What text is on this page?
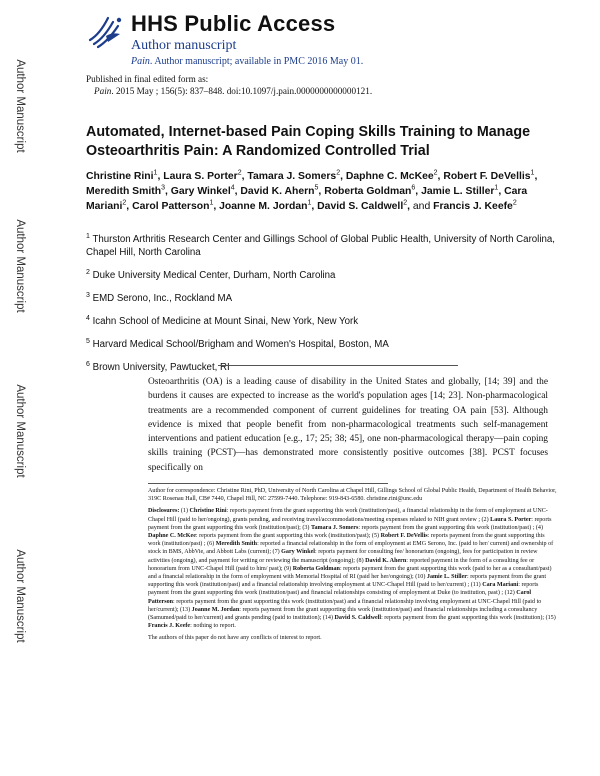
Author Manuscript
Author Manuscript
Author Manuscript
Author Manuscript
HHS Public Access
Author manuscript
Pain. Author manuscript; available in PMC 2016 May 01.
Published in final edited form as:
Pain. 2015 May ; 156(5): 837–848. doi:10.1097/j.pain.0000000000000121.
Automated, Internet-based Pain Coping Skills Training to Manage Osteoarthritis Pain: A Randomized Controlled Trial
Christine Rini$^1$, Laura S. Porter$^2$, Tamara J. Somers$^2$, Daphne C. McKee$^2$, Robert F. DeVellis$^1$, Meredith Smith$^3$, Gary Winkel$^4$, David K. Ahern$^5$, Roberta Goldman$^6$, Jamie L. Stiller$^1$, Cara Mariani$^2$, Carol Patterson$^1$, Joanne M. Jordan$^1$, David S. Caldwell$^2$, and Francis J. Keefe$^2$

$^1$ Thurston Arthritis Research Center and Gillings School of Global Public Health, University of North Carolina, Chapel Hill, North Carolina

$^2$ Duke University Medical Center, Durham, North Carolina

$^3$ EMD Serono, Inc., Rockland MA

$^4$ Icahn School of Medicine at Mount Sinai, New York, New York

$^5$ Harvard Medical School/Brigham and Women's Hospital, Boston, MA

$^6$ Brown University, Pawtucket, RI

Osteoarthritis (OA) is a leading cause of disability in the United States and globally, [14; 39] and the burdens it causes are expected to increase as the world's population ages [14; 23]. Non-pharmacological treatments are a recommended component of current guidelines for treating OA pain [53]. Although evidence is mixed that people benefit from non-pharmacological treatments such self-management interventions and patient education [e.g., 17; 25; 38; 45], one non-pharmacological therapy—pain coping skills training (PCST)—has demonstrated more consistently positive outcomes [38]. PCST focuses specifically on

Author for correspondence: Christine Rini, PhD, University of North Carolina at Chapel Hill, Gillings School of Global Public Health, Department of Health Behavior, 319C Rosenau Hall, CB# 7440, Chapel Hill, NC 27599-7440. Telephone: 919-843-6580. christine.rini@unc.edu

Disclosures: (1) Christine Rini: reports payment from the grant supporting this work (institution/past), a financial relationship in the form of employment at UNC-Chapel Hill (paid to her/ongoing), grants pending, and receiving travel/accommodations/meeting expenses related to NIH grant review ; (2) Laura S. Porter: reports payment from the grant supporting this work (institution/past); (3) Tamara J. Somers: reports payment from the grant supporting this work (institution/past) ; (4) Daphne C. McKee: reports payment from the grant supporting this work (institution/past); (5) Robert F. DeVellis: reports payment from the grant supporting this work (institution/past) ; (6) Meredith Smith: reported a financial relationship in the form of employment at EMG Serono, Inc. (paid to her/ current) and ownership of stock in BMS, AbbVie, and Abbott Labs (current); (7) Gary Winkel: reports payment for consulting fee/ honorarium (ongoing), fees for participation in review activities (ongoing), and payment for writing or reviewing the manuscript (ongoing); (8) David K. Ahern: reported payment in the form of a consulting fee or honorarium from UNC-Chapel Hill (paid to him/ past); (9) Roberta Goldman: reports payment from the grant supporting this work (paid to her as a consultant/past) and a financial relationship in the form of employment with Memorial Hospital of RI (paid her her/ongoing); (10) Jamie L. Stiller: reports payment from the grant supporting this work (institution/past) and a financial relationship involving employment at UNC-Chapel Hill (paid to her/current) ; (11) Cara Mariani: reports payment from the grant supporting this work (institution/past) and financial relationships consisting of employment at Duke (to institution, past) ; (12) Carol Patterson: reports payment from the grant supporting this work (institution/past) and a financial relationship involving employment at UNC-Chapel Hill (paid to her/current); (13) Joanne M. Jordan: reports payment from the grant supporting this work (institution/past) and financial relationships including a consultancy (Samumed/paid to her/current) and grants pending (paid to institution); (14) David S. Caldwell: reports payment from the grant supporting this work (institution); (15) Francis J. Keefe: nothing to report.

The authors of this paper do not have any conflicts of interest to report.
